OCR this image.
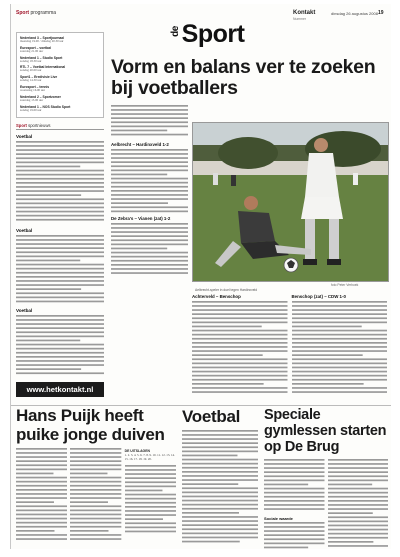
Sport programma	Kontakt
Nummer
dinsdag 26 augustus 2008 19
deSport
Nederland 3 – Sportjournaal
maandag 19.00 / dinsdag 20.30 uur
Eurosport – voetbal
zaterdag 21.00 uur
Nederland 1 – Studio Sport
zondag 18.30 uur
RTL 7 – Voetbal International
zondag 20.00 uur
Sport1 – Eredivisie Live
zondag 14.30 uur
Eurosport – tennis
woensdag 16.00 uur
Nederland 2 – Sportzomer
zaterdag 13.00 uur
Nederland 1 – NOS Studio Sport
zondag 19.00 uur
Sport sportnieuws
Voetbal
Voetbal
Voetbal
www.hetkontakt.nl
Vorm en balans ver te zoeken bij voetballers
Aelbrecht – Hardinxveld 1-2
De Zebra's – Vianen (zat) 1-2
foto Peter Verhoek
Aelbrecht-speler in duel tegen Hardinxveld
Achterveld – Benschop	Benschop (zat) – CDW 1-0
Hans Puijk heeft puike jonge duiven
DE UITSLAGEN
1. 2. 3. 4. 5. 6. 7. 8. 9. 10. 11. 12. 13. 14. 15. 16. 17. 18. 19. 20.
Voetbal	Speciale gymlessen starten op De Brug
Sociale waarde
